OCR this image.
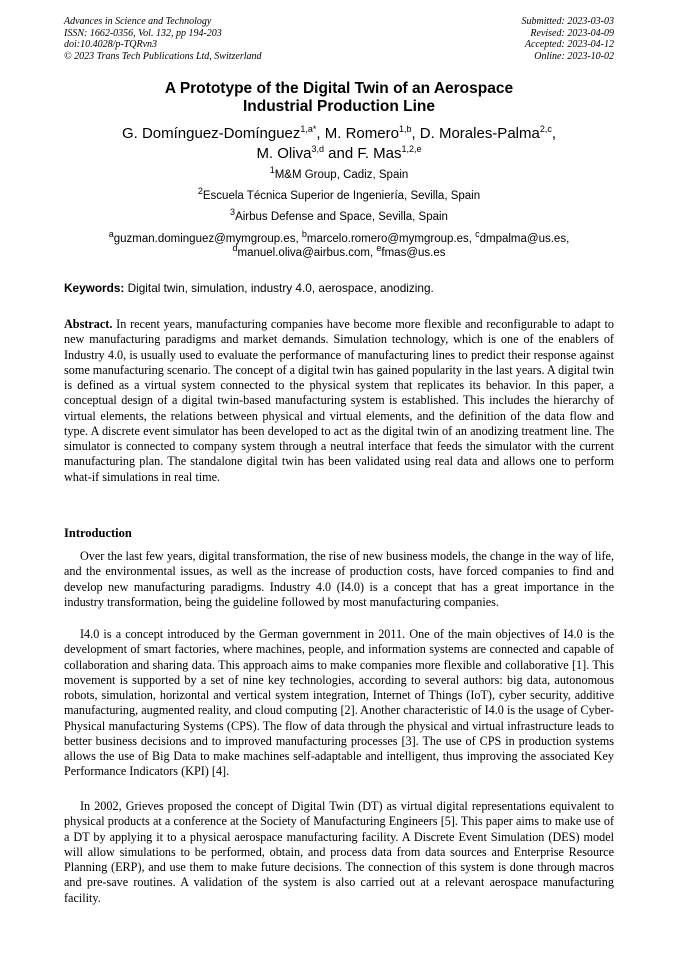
Advances in Science and Technology
ISSN: 1662-0356, Vol. 132, pp 194-203
doi:10.4028/p-TQRvn3
© 2023 Trans Tech Publications Ltd, Switzerland
Submitted: 2023-03-03
Revised: 2023-04-09
Accepted: 2023-04-12
Online: 2023-10-02
A Prototype of the Digital Twin of an Aerospace
Industrial Production Line
G. Domínguez-Domínguez$^{1,a*}$, M. Romero$^{1,b}$, D. Morales-Palma$^{2,c}$,
M. Oliva$^{3,d}$ and F. Mas$^{1,2,e}$
$^1$M&M Group, Cadiz, Spain
$^2$Escuela Técnica Superior de Ingeniería, Sevilla, Spain
$^3$Airbus Defense and Space, Sevilla, Spain
$^a$guzman.dominguez@mymgroup.es, $^b$marcelo.romero@mymgroup.es, $^c$dmpalma@us.es,
$^d$manuel.oliva@airbus.com, $^e$fmas@us.es
Keywords: Digital twin, simulation, industry 4.0, aerospace, anodizing.

Abstract. In recent years, manufacturing companies have become more flexible and reconfigurable to adapt to new manufacturing paradigms and market demands. Simulation technology, which is one of the enablers of Industry 4.0, is usually used to evaluate the performance of manufacturing lines to predict their response against some manufacturing scenario. The concept of a digital twin has gained popularity in the last years. A digital twin is defined as a virtual system connected to the physical system that replicates its behavior. In this paper, a conceptual design of a digital twin-based manufacturing system is established. This includes the hierarchy of virtual elements, the relations between physical and virtual elements, and the definition of the data flow and type. A discrete event simulator has been developed to act as the digital twin of an anodizing treatment line. The simulator is connected to company system through a neutral interface that feeds the simulator with the current manufacturing plan. The standalone digital twin has been validated using real data and allows one to perform what-if simulations in real time.

Introduction

Over the last few years, digital transformation, the rise of new business models, the change in the way of life, and the environmental issues, as well as the increase of production costs, have forced companies to find and develop new manufacturing paradigms. Industry 4.0 (I4.0) is a concept that has a great importance in the industry transformation, being the guideline followed by most manufacturing companies.

I4.0 is a concept introduced by the German government in 2011. One of the main objectives of I4.0 is the development of smart factories, where machines, people, and information systems are connected and capable of collaboration and sharing data. This approach aims to make companies more flexible and collaborative [1]. This movement is supported by a set of nine key technologies, according to several authors: big data, autonomous robots, simulation, horizontal and vertical system integration, Internet of Things (IoT), cyber security, additive manufacturing, augmented reality, and cloud computing [2]. Another characteristic of I4.0 is the usage of Cyber-Physical manufacturing Systems (CPS). The flow of data through the physical and virtual infrastructure leads to better business decisions and to improved manufacturing processes [3]. The use of CPS in production systems allows the use of Big Data to make machines self-adaptable and intelligent, thus improving the associated Key Performance Indicators (KPI) [4].

In 2002, Grieves proposed the concept of Digital Twin (DT) as virtual digital representations equivalent to physical products at a conference at the Society of Manufacturing Engineers [5]. This paper aims to make use of a DT by applying it to a physical aerospace manufacturing facility. A Discrete Event Simulation (DES) model will allow simulations to be performed, obtain, and process data from data sources and Enterprise Resource Planning (ERP), and use them to make future decisions. The connection of this system is done through macros and pre-save routines. A validation of the system is also carried out at a relevant aerospace manufacturing facility.
